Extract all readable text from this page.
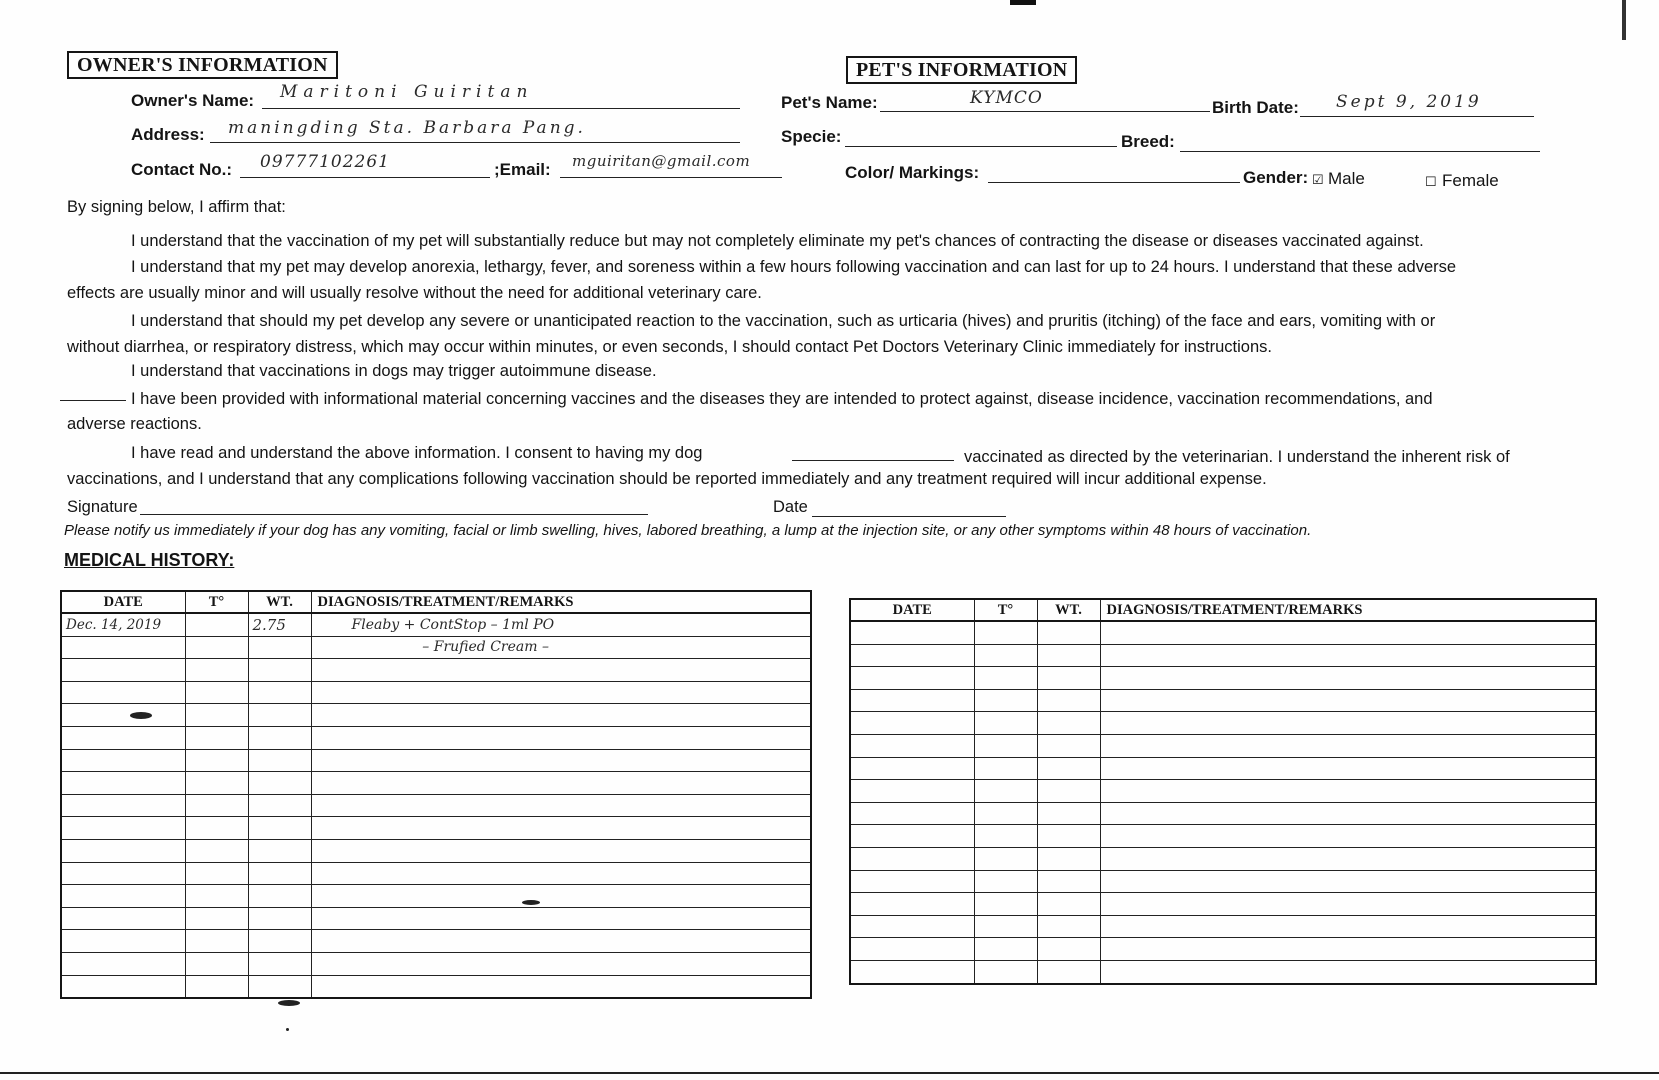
OWNER'S INFORMATION
Owner's Name: Maritoni Guiritan
Address: maningding Sta. Barbara Pang.
Contact No.: 09777102261	;Email: mguiritan@gmail.com
PET'S INFORMATION
Pet's Name:	KYMCO	Birth Date: Sept 9, 2019
Specie:	Breed:
Color/ Markings:	Gender: ☑ Male	☐ Female
By signing below, I affirm that:
I understand that the vaccination of my pet will substantially reduce but may not completely eliminate my pet's chances of contracting the disease or diseases vaccinated against.
I understand that my pet may develop anorexia, lethargy, fever, and soreness within a few hours following vaccination and can last for up to 24 hours. I understand that these adverse
effects are usually minor and will usually resolve without the need for additional veterinary care.
I understand that should my pet develop any severe or unanticipated reaction to the vaccination, such as urticaria (hives) and pruritis (itching) of the face and ears, vomiting with or
without diarrhea, or respiratory distress, which may occur within minutes, or even seconds, I should contact Pet Doctors Veterinary Clinic immediately for instructions.
I understand that vaccinations in dogs may trigger autoimmune disease.
I have been provided with informational material concerning vaccines and the diseases they are intended to protect against, disease incidence, vaccination recommendations, and
adverse reactions.
I have read and understand the above information. I consent to having my dog	vaccinated as directed by the veterinarian. I understand the inherent risk of
vaccinations, and I understand that any complications following vaccination should be reported immediately and any treatment required will incur additional expense.
Signature	Date
Please notify us immediately if your dog has any vomiting, facial or limb swelling, hives, labored breathing, a lump at the injection site, or any other symptoms within 48 hours of vaccination.
MEDICAL HISTORY:
DATE	T°	WT.	DIAGNOSIS/TREATMENT/REMARKS
Dec. 14, 2019		2.75	Fleaby + ContStop – 1ml PO
			– Frufied Cream –

DATE	T°	WT.	DIAGNOSIS/TREATMENT/REMARKS
